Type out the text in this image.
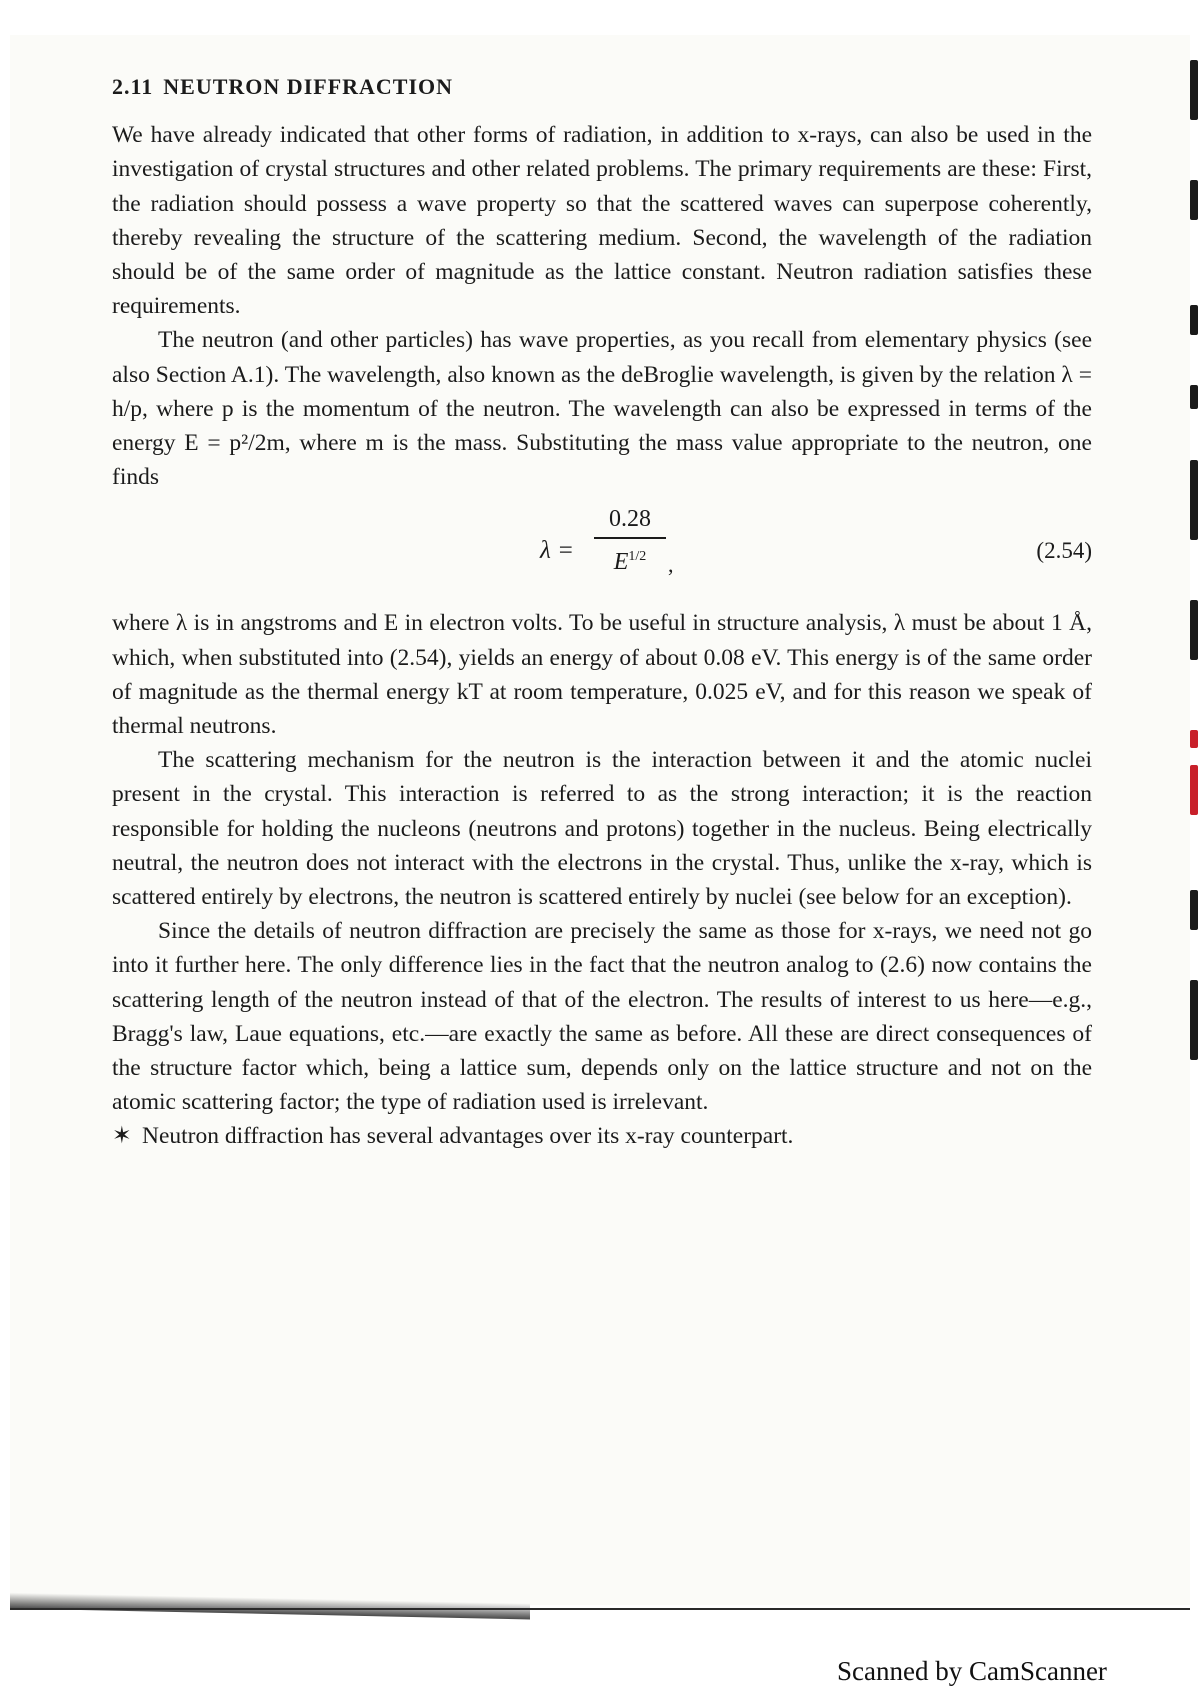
2.11 NEUTRON DIFFRACTION

We have already indicated that other forms of radiation, in addition to x-rays, can also be used in the investigation of crystal structures and other related problems. The primary requirements are these: First, the radiation should possess a wave property so that the scattered waves can superpose coherently, thereby revealing the structure of the scattering medium. Second, the wavelength of the radiation should be of the same order of magnitude as the lattice constant. Neutron radiation satisfies these requirements.

The neutron (and other particles) has wave properties, as you recall from elementary physics (see also Section A.1). The wavelength, also known as the deBroglie wavelength, is given by the relation λ = h/p, where p is the momentum of the neutron. The wavelength can also be expressed in terms of the energy E = p²/2m, where m is the mass. Substituting the mass value appropriate to the neutron, one finds

λ =
0.28
$E^{1/2}$ ,
(2.54)

where λ is in angstroms and E in electron volts. To be useful in structure analysis, λ must be about 1 Å, which, when substituted into (2.54), yields an energy of about 0.08 eV. This energy is of the same order of magnitude as the thermal energy kT at room temperature, 0.025 eV, and for this reason we speak of thermal neutrons.

The scattering mechanism for the neutron is the interaction between it and the atomic nuclei present in the crystal. This interaction is referred to as the strong interaction; it is the reaction responsible for holding the nucleons (neutrons and protons) together in the nucleus. Being electrically neutral, the neutron does not interact with the electrons in the crystal. Thus, unlike the x-ray, which is scattered entirely by electrons, the neutron is scattered entirely by nuclei (see below for an exception).

Since the details of neutron diffraction are precisely the same as those for x-rays, we need not go into it further here. The only difference lies in the fact that the neutron analog to (2.6) now contains the scattering length of the neutron instead of that of the electron. The results of interest to us here—e.g., Bragg's law, Laue equations, etc.—are exactly the same as before. All these are direct consequences of the structure factor which, being a lattice sum, depends only on the lattice structure and not on the atomic scattering factor; the type of radiation used is irrelevant.

✶ Neutron diffraction has several advantages over its x-ray counterpart.

Scanned by CamScanner
